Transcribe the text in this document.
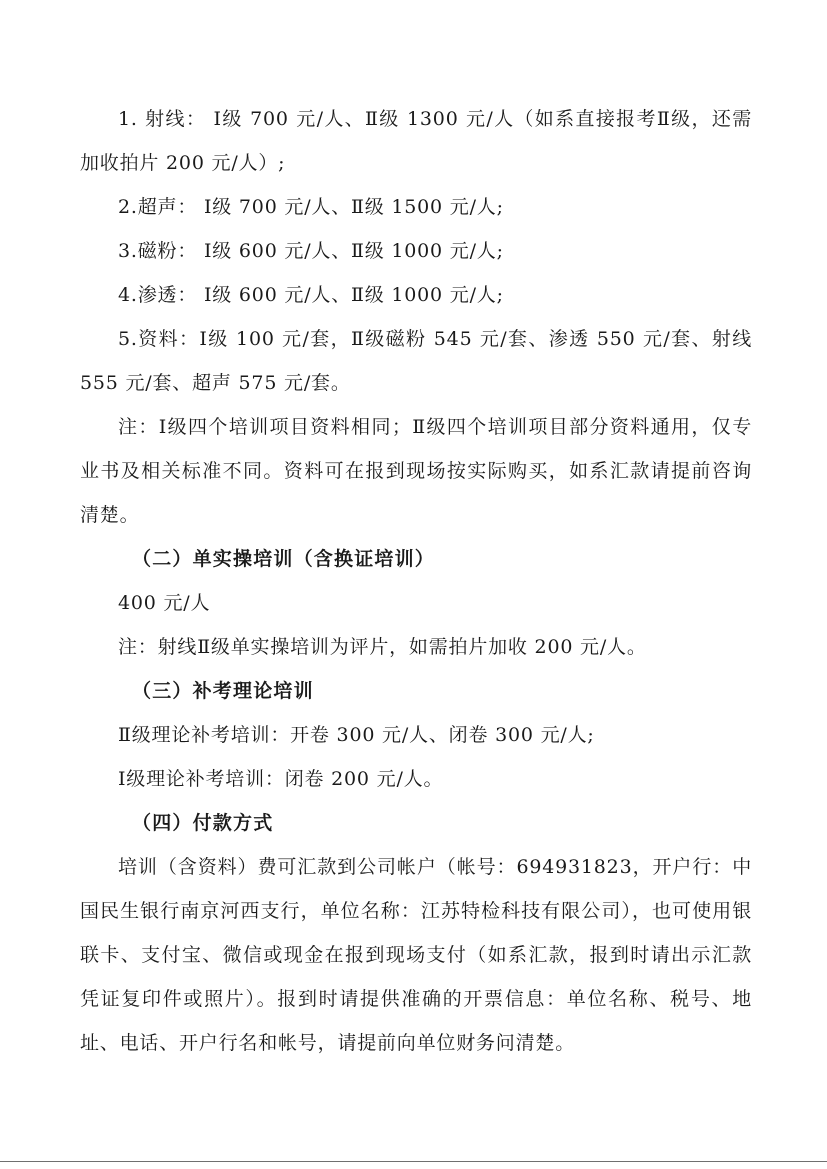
1. 射线： Ⅰ级 700 元/人、Ⅱ级 1300 元/人（如系直接报考Ⅱ级，还需加收拍片 200 元/人）;

2.超声： Ⅰ级 700 元/人、Ⅱ级 1500 元/人;

3.磁粉： Ⅰ级 600 元/人、Ⅱ级 1000 元/人;

4.渗透： Ⅰ级 600 元/人、Ⅱ级 1000 元/人;

5.资料：Ⅰ级 100 元/套，Ⅱ级磁粉 545 元/套、渗透 550 元/套、射线 555 元/套、超声 575 元/套。

注：Ⅰ级四个培训项目资料相同；Ⅱ级四个培训项目部分资料通用，仅专业书及相关标准不同。资料可在报到现场按实际购买，如系汇款请提前咨询清楚。

（二）单实操培训（含换证培训）

400 元/人

注：射线Ⅱ级单实操培训为评片，如需拍片加收 200 元/人。

（三）补考理论培训

Ⅱ级理论补考培训：开卷 300 元/人、闭卷 300 元/人;

Ⅰ级理论补考培训：闭卷 200 元/人。

（四）付款方式

培训（含资料）费可汇款到公司帐户（帐号：694931823，开户行：中国民生银行南京河西支行，单位名称：江苏特检科技有限公司），也可使用银联卡、支付宝、微信或现金在报到现场支付（如系汇款，报到时请出示汇款凭证复印件或照片）。报到时请提供准确的开票信息：单位名称、税号、地址、电话、开户行名和帐号，请提前向单位财务问清楚。
